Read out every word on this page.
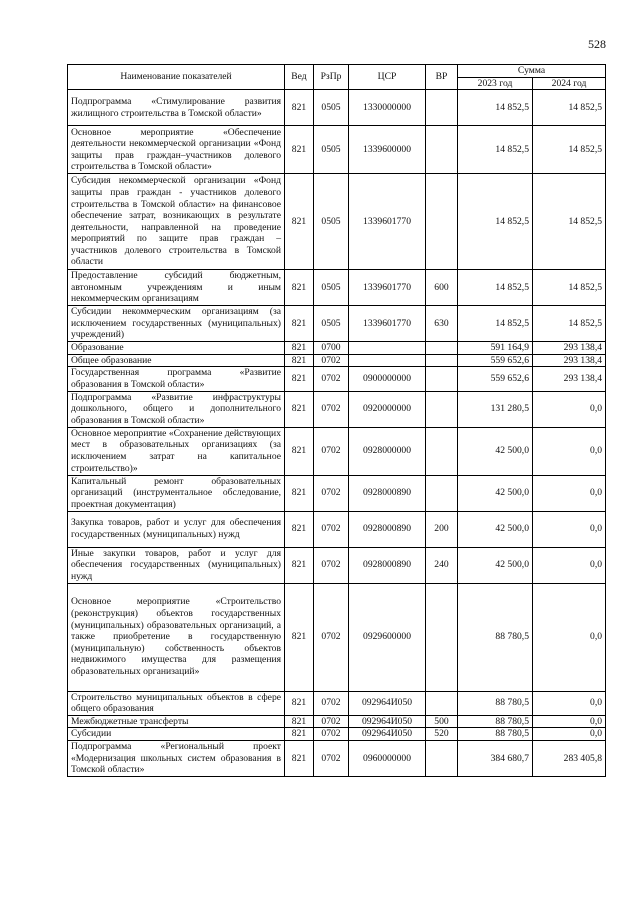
528
Наименование показателей	Вед	РзПр	ЦСР	ВР	Сумма	
					2023 год	2024 год
Подпрограмма «Стимулирование развития жилищного строительства в Томской области»	821	0505	1330000000		14 852,5	14 852,5
Основное мероприятие «Обеспечение деятельности некоммерческой организации «Фонд защиты прав граждан–участников долевого строительства в Томской области»	821	0505	1339600000		14 852,5	14 852,5
Субсидия некоммерческой организации «Фонд защиты прав граждан - участников долевого строительства в Томской области» на финансовое обеспечение затрат, возникающих в результате деятельности, направленной на проведение мероприятий по защите прав граждан – участников долевого строительства в Томской области	821	0505	1339601770		14 852,5	14 852,5
Предоставление субсидий бюджетным, автономным учреждениям и иным некоммерческим организациям	821	0505	1339601770	600	14 852,5	14 852,5
Субсидии некоммерческим организациям (за исключением государственных (муниципальных) учреждений)	821	0505	1339601770	630	14 852,5	14 852,5
Образование	821	0700			591 164,9	293 138,4
Общее образование	821	0702			559 652,6	293 138,4
Государственная программа «Развитие образования в Томской области»	821	0702	0900000000		559 652,6	293 138,4
Подпрограмма «Развитие инфраструктуры дошкольного, общего и дополнительного образования в Томской области»	821	0702	0920000000		131 280,5	0,0
Основное мероприятие «Сохранение действующих мест в образовательных организациях (за исключением затрат на капитальное строительство)»	821	0702	0928000000		42 500,0	0,0
Капитальный ремонт образовательных организаций (инструментальное обследование, проектная документация)	821	0702	0928000890		42 500,0	0,0
Закупка товаров, работ и услуг для обеспечения государственных (муниципальных) нужд	821	0702	0928000890	200	42 500,0	0,0
Иные закупки товаров, работ и услуг для обеспечения государственных (муниципальных) нужд	821	0702	0928000890	240	42 500,0	0,0
Основное мероприятие «Строительство (реконструкция) объектов государственных (муниципальных) образовательных организаций, а также приобретение в государственную (муниципальную) собственность объектов недвижимого имущества для размещения образовательных организаций»	821	0702	0929600000		88 780,5	0,0
Строительство муниципальных объектов в сфере общего образования	821	0702	092964И050		88 780,5	0,0
Межбюджетные трансферты	821	0702	092964И050	500	88 780,5	0,0
Субсидии	821	0702	092964И050	520	88 780,5	0,0
Подпрограмма «Региональный проект «Модернизация школьных систем образования в Томской области»	821	0702	0960000000		384 680,7	283 405,8
